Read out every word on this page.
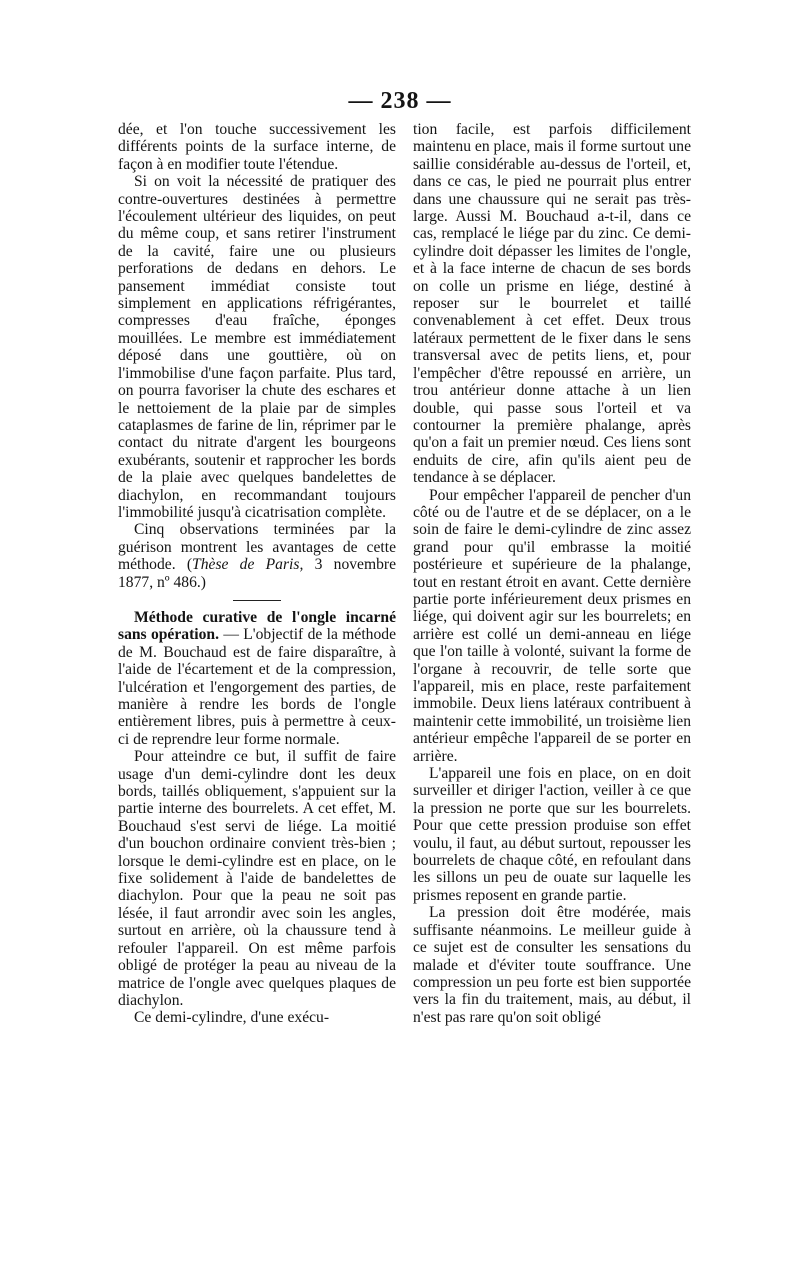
— 238 —

dée, et l'on touche successivement les différents points de la surface interne, de façon à en modifier toute l'étendue.

Si on voit la nécessité de pratiquer des contre-ouvertures destinées à permettre l'écoulement ultérieur des liquides, on peut du même coup, et sans retirer l'instrument de la cavité, faire une ou plusieurs perforations de dedans en dehors. Le pansement immédiat consiste tout simplement en applications réfrigérantes, compresses d'eau fraîche, éponges mouillées. Le membre est immédiatement déposé dans une gouttière, où on l'immobilise d'une façon parfaite. Plus tard, on pourra favoriser la chute des eschares et le nettoiement de la plaie par de simples cataplasmes de farine de lin, réprimer par le contact du nitrate d'argent les bourgeons exubérants, soutenir et rapprocher les bords de la plaie avec quelques bandelettes de diachylon, en recommandant toujours l'immobilité jusqu'à cicatrisation complète.

Cinq observations terminées par la guérison montrent les avantages de cette méthode. (Thèse de Paris, 3 novembre 1877, nº 486.)

Méthode curative de l'ongle incarné sans opération. — L'objectif de la méthode de M. Bouchaud est de faire disparaître, à l'aide de l'écartement et de la compression, l'ulcération et l'engorgement des parties, de manière à rendre les bords de l'ongle entièrement libres, puis à permettre à ceux-ci de reprendre leur forme normale.

Pour atteindre ce but, il suffit de faire usage d'un demi-cylindre dont les deux bords, taillés obliquement, s'appuient sur la partie interne des bourrelets. A cet effet, M. Bouchaud s'est servi de liége. La moitié d'un bouchon ordinaire convient très-bien ; lorsque le demi-cylindre est en place, on le fixe solidement à l'aide de bandelettes de diachylon. Pour que la peau ne soit pas lésée, il faut arrondir avec soin les angles, surtout en arrière, où la chaussure tend à refouler l'appareil. On est même parfois obligé de protéger la peau au niveau de la matrice de l'ongle avec quelques plaques de diachylon.

Ce demi-cylindre, d'une exécu-

tion facile, est parfois difficilement maintenu en place, mais il forme surtout une saillie considérable au-dessus de l'orteil, et, dans ce cas, le pied ne pourrait plus entrer dans une chaussure qui ne serait pas très-large. Aussi M. Bouchaud a-t-il, dans ce cas, remplacé le liége par du zinc. Ce demi-cylindre doit dépasser les limites de l'ongle, et à la face interne de chacun de ses bords on colle un prisme en liége, destiné à reposer sur le bourrelet et taillé convenablement à cet effet. Deux trous latéraux permettent de le fixer dans le sens transversal avec de petits liens, et, pour l'empêcher d'être repoussé en arrière, un trou antérieur donne attache à un lien double, qui passe sous l'orteil et va contourner la première phalange, après qu'on a fait un premier nœud. Ces liens sont enduits de cire, afin qu'ils aient peu de tendance à se déplacer.

Pour empêcher l'appareil de pencher d'un côté ou de l'autre et de se déplacer, on a le soin de faire le demi-cylindre de zinc assez grand pour qu'il embrasse la moitié postérieure et supérieure de la phalange, tout en restant étroit en avant. Cette dernière partie porte inférieurement deux prismes en liége, qui doivent agir sur les bourrelets; en arrière est collé un demi-anneau en liége que l'on taille à volonté, suivant la forme de l'organe à recouvrir, de telle sorte que l'appareil, mis en place, reste parfaitement immobile. Deux liens latéraux contribuent à maintenir cette immobilité, un troisième lien antérieur empêche l'appareil de se porter en arrière.

L'appareil une fois en place, on en doit surveiller et diriger l'action, veiller à ce que la pression ne porte que sur les bourrelets. Pour que cette pression produise son effet voulu, il faut, au début surtout, repousser les bourrelets de chaque côté, en refoulant dans les sillons un peu de ouate sur laquelle les prismes reposent en grande partie.

La pression doit être modérée, mais suffisante néanmoins. Le meilleur guide à ce sujet est de consulter les sensations du malade et d'éviter toute souffrance. Une compression un peu forte est bien supportée vers la fin du traitement, mais, au début, il n'est pas rare qu'on soit obligé
